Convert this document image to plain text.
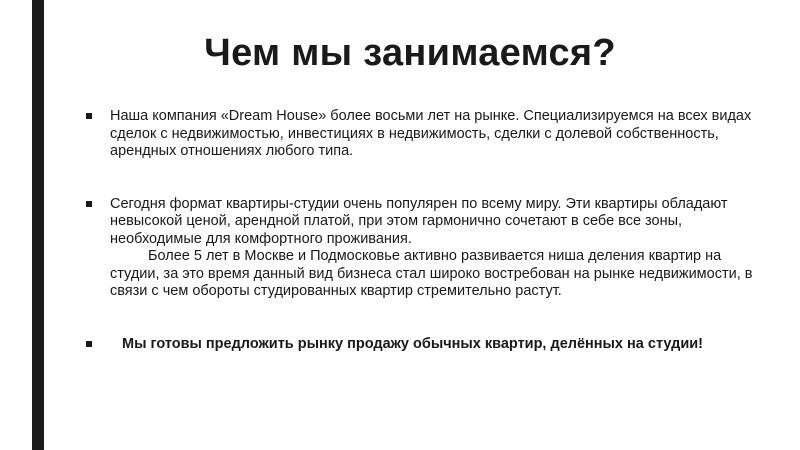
Чем мы занимаемся?
Наша компания «Dream House» более восьми лет на рынке. Специализируемся на всех видах сделок с недвижимостью, инвестициях в недвижимость, сделки с долевой собственность, арендных отношениях любого типа.
Сегодня формат квартиры-студии очень популярен по всему миру. Эти квартиры обладают невысокой ценой, арендной платой, при этом гармонично сочетают в себе все зоны, необходимые для комфортного проживания.
Более 5 лет в Москве и Подмосковье активно развивается ниша деления квартир на студии, за это время данный вид бизнеса стал широко востребован на рынке недвижимости, в связи с чем обороты студированных квартир стремительно растут.
Мы готовы предложить рынку продажу обычных квартир, делённых на студии!
